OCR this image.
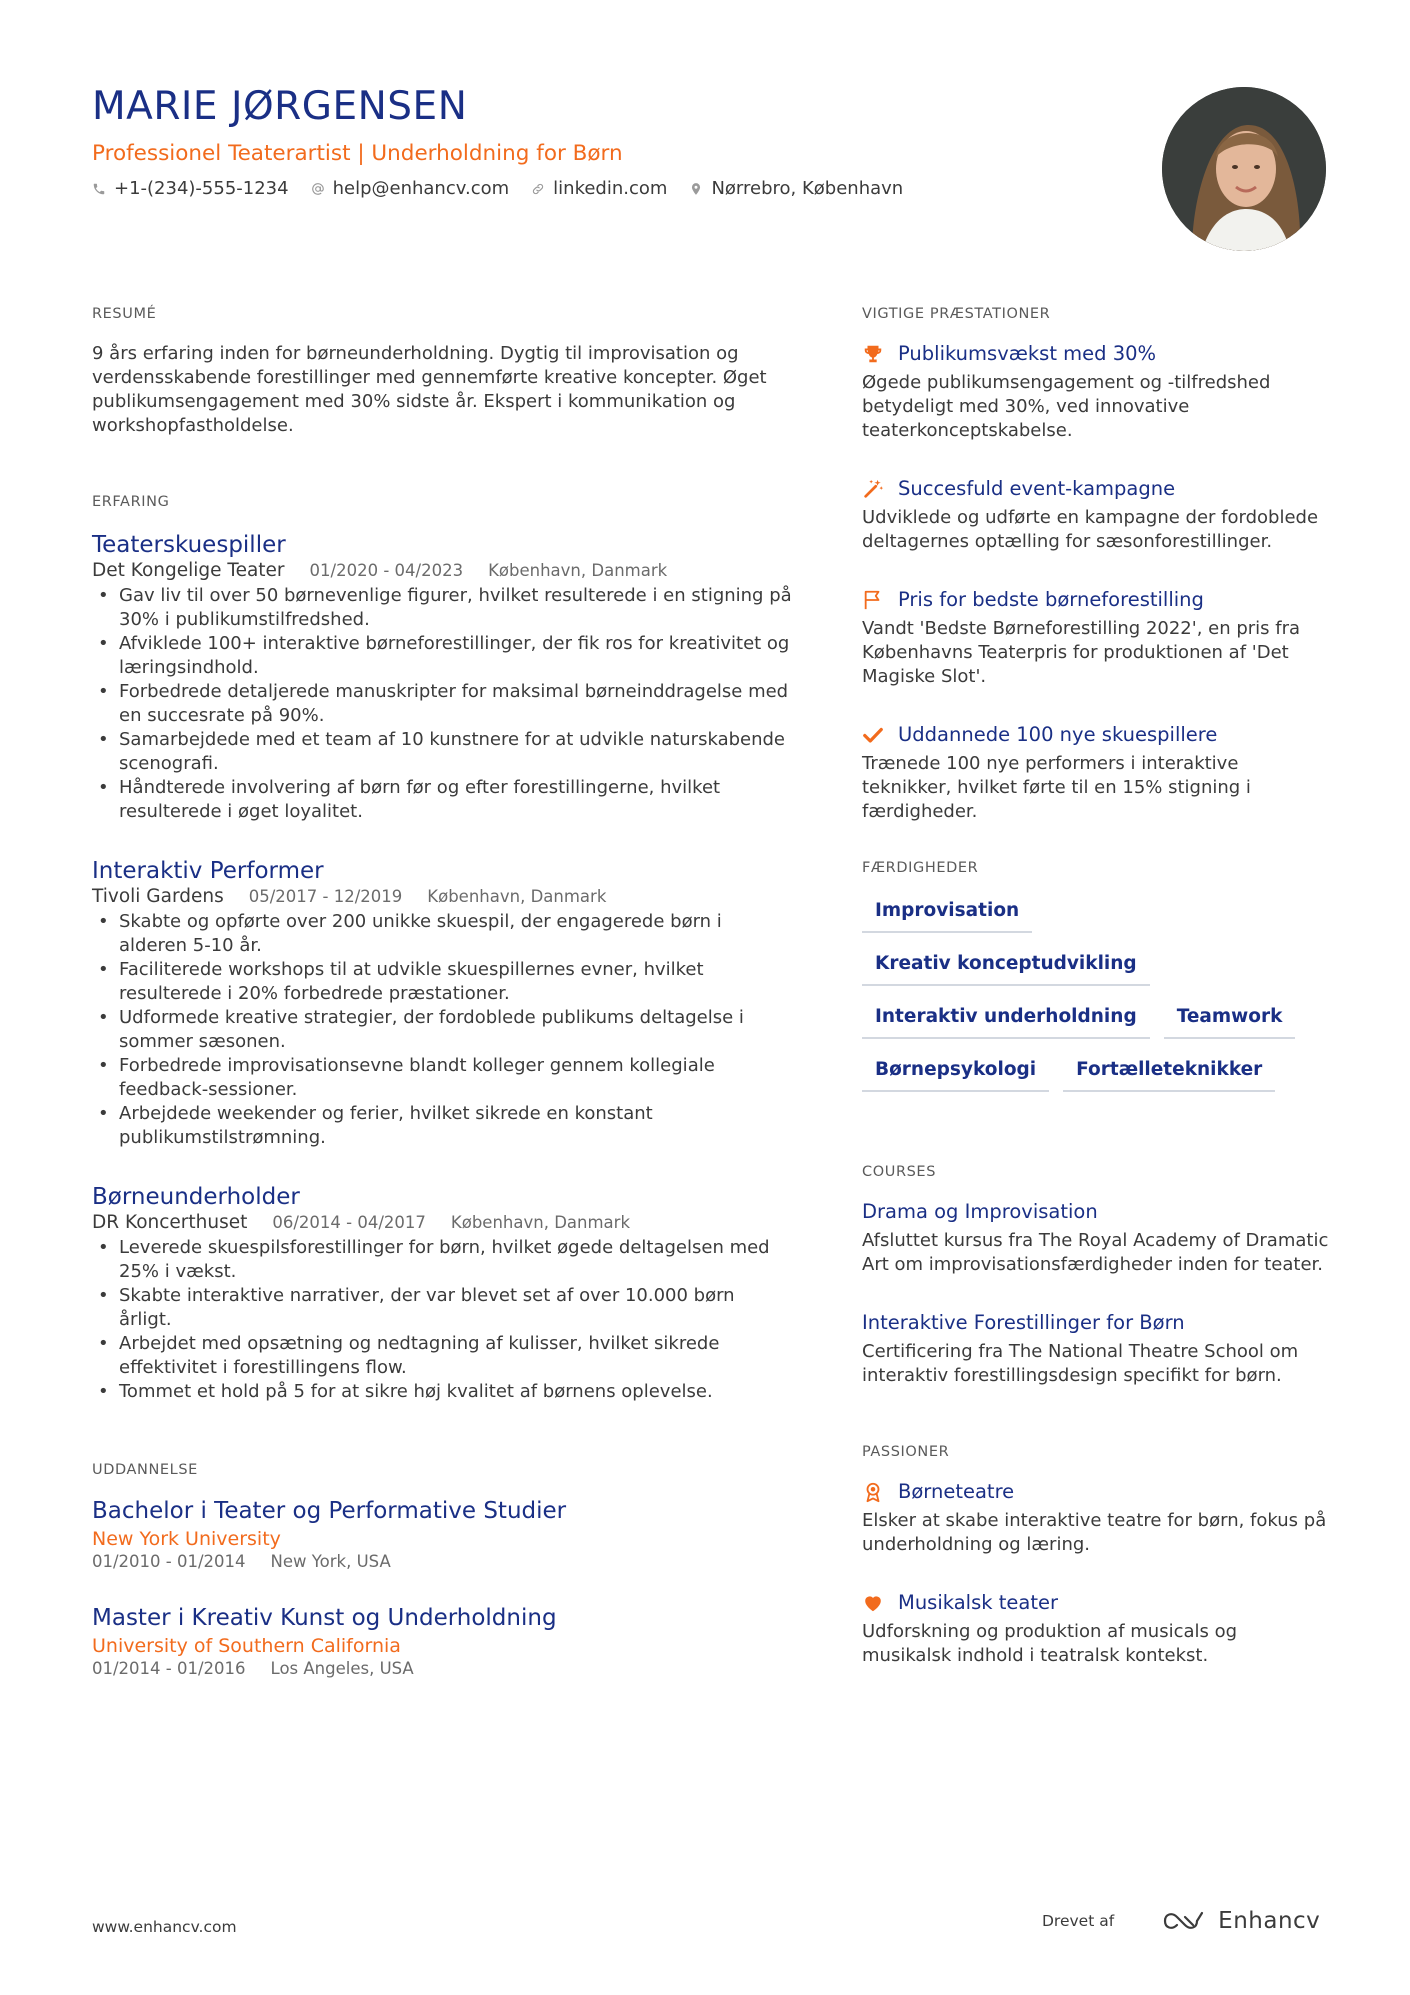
MARIE JØRGENSEN
Professionel Teaterartist | Underholdning for Børn
+1-(234)-555-1234 help@enhancv.com linkedin.com Nørrebro, København
RESUMÉ

9 års erfaring inden for børneunderholdning. Dygtig til improvisation og verdensskabende forestillinger med gennemførte kreative koncepter. Øget publikumsengagement med 30% sidste år. Ekspert i kommunikation og workshopfastholdelse.

ERFARING
Teaterskuespiller
Det Kongelige Teater 01/2020 - 04/2023 København, Danmark
• Gav liv til over 50 børnevenlige figurer, hvilket resulterede i en stigning på 30% i publikumstilfredshed.
• Afviklede 100+ interaktive børneforestillinger, der fik ros for kreativitet og læringsindhold.
• Forbedrede detaljerede manuskripter for maksimal børneinddragelse med en succesrate på 90%.
• Samarbejdede med et team af 10 kunstnere for at udvikle naturskabende scenografi.
• Håndterede involvering af børn før og efter forestillingerne, hvilket resulterede i øget loyalitet.
Interaktiv Performer
Tivoli Gardens 05/2017 - 12/2019 København, Danmark
• Skabte og opførte over 200 unikke skuespil, der engagerede børn i alderen 5-10 år.
• Faciliterede workshops til at udvikle skuespillernes evner, hvilket resulterede i 20% forbedrede præstationer.
• Udformede kreative strategier, der fordoblede publikums deltagelse i sommer sæsonen.
• Forbedrede improvisationsevne blandt kolleger gennem kollegiale feedback-sessioner.
• Arbejdede weekender og ferier, hvilket sikrede en konstant publikumstilstrømning.
Børneunderholder
DR Koncerthuset 06/2014 - 04/2017 København, Danmark
• Leverede skuespilsforestillinger for børn, hvilket øgede deltagelsen med 25% i vækst.
• Skabte interaktive narrativer, der var blevet set af over 10.000 børn årligt.
• Arbejdet med opsætning og nedtagning af kulisser, hvilket sikrede effektivitet i forestillingens flow.
• Tommet et hold på 5 for at sikre høj kvalitet af børnens oplevelse.
UDDANNELSE
Bachelor i Teater og Performative Studier
New York University
01/2010 - 01/2014 New York, USA
Master i Kreativ Kunst og Underholdning
University of Southern California
01/2014 - 01/2016 Los Angeles, USA
VIGTIGE PRÆSTATIONER
Publikumsvækst med 30%
Øgede publikumsengagement og -tilfredshed betydeligt med 30%, ved innovative teaterkonceptskabelse.
Succesfuld event-kampagne
Udviklede og udførte en kampagne der fordoblede deltagernes optælling for sæsonforestillinger.
Pris for bedste børneforestilling
Vandt 'Bedste Børneforestilling 2022', en pris fra Københavns Teaterpris for produktionen af 'Det Magiske Slot'.
Uddannede 100 nye skuespillere
Trænede 100 nye performers i interaktive teknikker, hvilket førte til en 15% stigning i færdigheder.
FÆRDIGHEDER
Improvisation
Kreativ konceptudvikling
Interaktiv underholdning	Teamwork
Børnepsykologi	Fortælleteknikker
COURSES
Drama og Improvisation
Afsluttet kursus fra The Royal Academy of Dramatic Art om improvisationsfærdigheder inden for teater.
Interaktive Forestillinger for Børn
Certificering fra The National Theatre School om interaktiv forestillingsdesign specifikt for børn.
PASSIONER
Børneteatre
Elsker at skabe interaktive teatre for børn, fokus på underholdning og læring.
Musikalsk teater
Udforskning og produktion af musicals og musikalsk indhold i teatralsk kontekst.
www.enhancv.com	Drevet af	Enhancv
